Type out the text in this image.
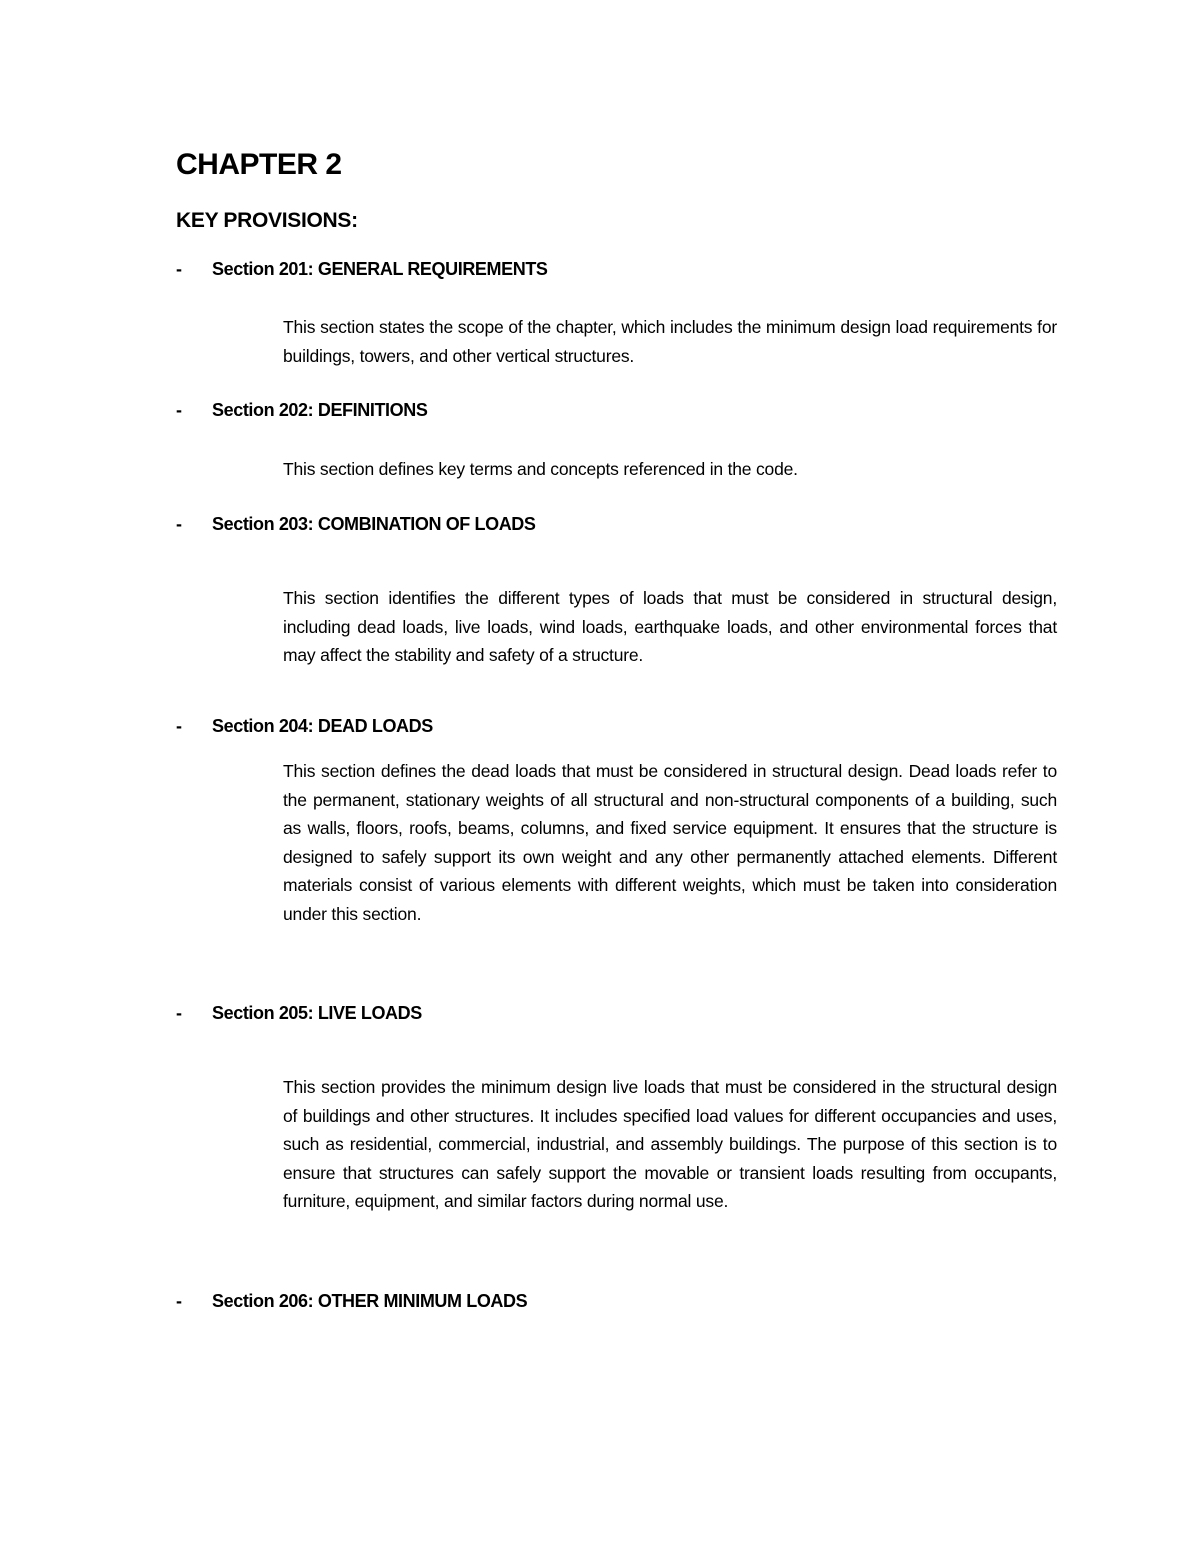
CHAPTER 2
KEY PROVISIONS:
- Section 201: GENERAL REQUIREMENTS

This section states the scope of the chapter, which includes the minimum design load requirements for buildings, towers, and other vertical structures.

- Section 202: DEFINITIONS

This section defines key terms and concepts referenced in the code.

- Section 203: COMBINATION OF LOADS

This section identifies the different types of loads that must be considered in structural design, including dead loads, live loads, wind loads, earthquake loads, and other environmental forces that may affect the stability and safety of a structure.

- Section 204: DEAD LOADS

This section defines the dead loads that must be considered in structural design. Dead loads refer to the permanent, stationary weights of all structural and non-structural components of a building, such as walls, floors, roofs, beams, columns, and fixed service equipment. It ensures that the structure is designed to safely support its own weight and any other permanently attached elements. Different materials consist of various elements with different weights, which must be taken into consideration under this section.

- Section 205: LIVE LOADS

This section provides the minimum design live loads that must be considered in the structural design of buildings and other structures. It includes specified load values for different occupancies and uses, such as residential, commercial, industrial, and assembly buildings. The purpose of this section is to ensure that structures can safely support the movable or transient loads resulting from occupants, furniture, equipment, and similar factors during normal use.

- Section 206: OTHER MINIMUM LOADS
